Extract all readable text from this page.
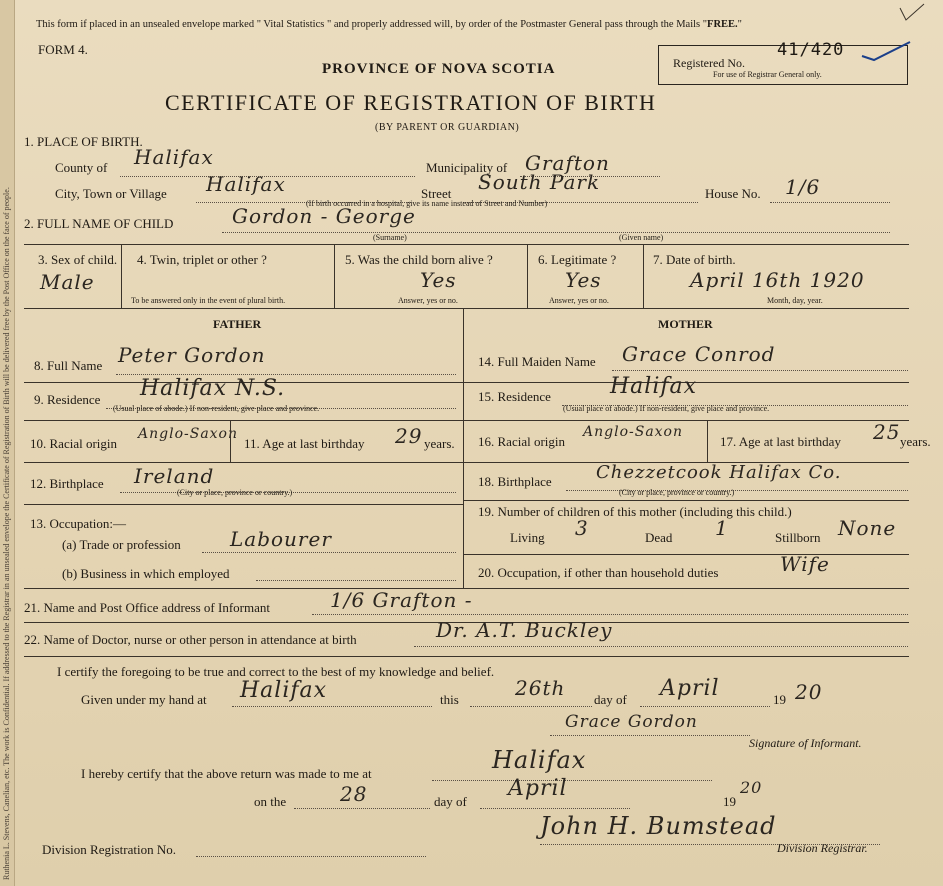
Ruthenia L. Stevens, Canelian, etc. The work is Confidential. If addressed to the Registrar in an unsealed envelope the Certificate of Registration of Birth will be delivered free by the Post Office on the face of people.
This form if placed in an unsealed envelope marked " Vital Statistics " and properly addressed will, by order of the Postmaster General pass through the Mails "FREE."
FORM 4.
PROVINCE OF NOVA SCOTIA
CERTIFICATE OF REGISTRATION OF BIRTH
(BY PARENT OR GUARDIAN)
Registered No.
41/420
For use of Registrar General only.
1. PLACE OF BIRTH.
County of Halifax	Municipality of Grafton
City, Town or Village Halifax	Street South Park	House No. 1/6
(If birth occurred in a hospital, give its name instead of Street and Number)
2. FULL NAME OF CHILD	Gordon - George
(Surname)	(Given name)
3. Sex of child.
Male
4. Twin, triplet or other ?
To be answered only in the event of plural birth.
5. Was the child born alive ?
Yes
Answer, yes or no.
6. Legitimate ?
Yes
Answer, yes or no.
7. Date of birth.
April 16th 1920
Month, day, year.
FATHER	MOTHER
8. Full Name Peter Gordon
9. Residence Halifax N.S.
(Usual place of abode.) If non-resident, give place and province.
10. Racial origin
Anglo-Saxon
11. Age at last birthday 29 years.
12. Birthplace Ireland
(City or place, province or country.)
13. Occupation:—
(a) Trade or profession Labourer
(b) Business in which employed
14. Full Maiden Name Grace Conrod
15. Residence	Halifax
(Usual place of abode.) If non-resident, give place and province.
16. Racial origin
Anglo-Saxon
17. Age at last birthday 25 years.
18. Birthplace Chezzetcook Halifax Co.
(City or place, province or country.)
19. Number of children of this mother (including this child.)
Living 3	Dead 1	Stillborn None
20. Occupation, if other than household duties	Wife
21. Name and Post Office address of Informant	1/6 Grafton -
22. Name of Doctor, nurse or other person in attendance at birth	Dr. A.T. Buckley
I certify the foregoing to be true and correct to the best of my knowledge and belief.
Given under my hand at Halifax	this	26th day of April	19 20
Grace Gordon
Signature of Informant.
I hereby certify that the above return was made to me at	Halifax
on the	28	day of
April
19
20
John H. Bumstead
Division Registration No.	Division Registrar.
